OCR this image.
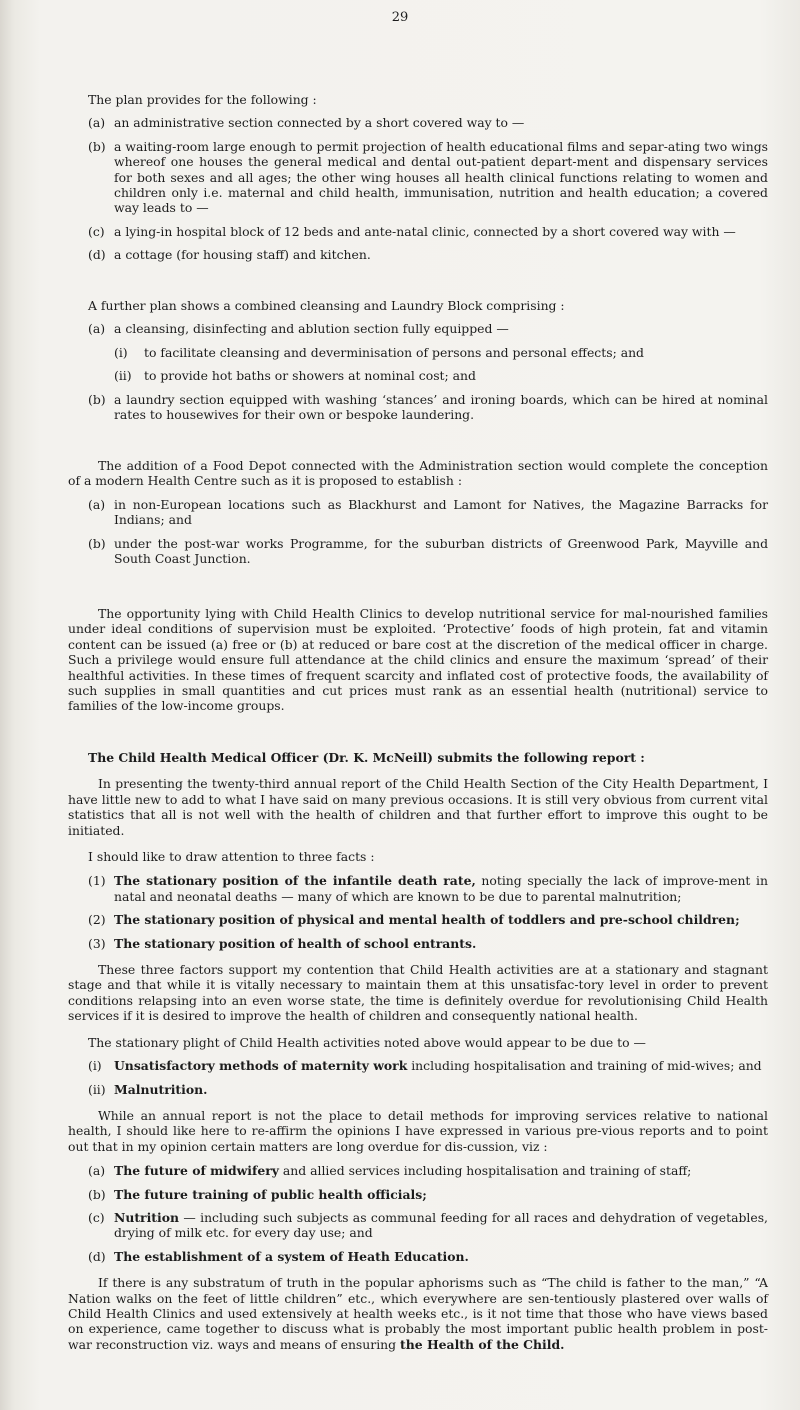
29

The plan provides for the following :

(a) an administrative section connected by a short covered way to —
(b) a waiting-room large enough to permit projection of health educational films and separ-ating two wings whereof one houses the general medical and dental out-patient depart-ment and dispensary services for both sexes and all ages; the other wing houses all health clinical functions relating to women and children only i.e. maternal and child health, immunisation, nutrition and health education; a covered way leads to —
(c) a lying-in hospital block of 12 beds and ante-natal clinic, connected by a short covered way with —
(d) a cottage (for housing staff) and kitchen.

A further plan shows a combined cleansing and Laundry Block comprising :

(a) a cleansing, disinfecting and ablution section fully equipped —
(i)	to facilitate cleansing and deverminisation of persons and personal effects; and
(ii)	to provide hot baths or showers at nominal cost; and
(b) a laundry section equipped with washing ‘stances’ and ironing boards, which can be hired at nominal rates to housewives for their own or bespoke laundering.

The addition of a Food Depot connected with the Administration section would complete the conception of a modern Health Centre such as it is proposed to establish :

(a) in non-European locations such as Blackhurst and Lamont for Natives, the Magazine Barracks for Indians; and
(b) under the post-war works Programme, for the suburban districts of Greenwood Park, Mayville and South Coast Junction.

The opportunity lying with Child Health Clinics to develop nutritional service for mal-nourished families under ideal conditions of supervision must be exploited. ‘Protective’ foods of high protein, fat and vitamin content can be issued (a) free or (b) at reduced or bare cost at the discretion of the medical officer in charge. Such a privilege would ensure full attendance at the child clinics and ensure the maximum ‘spread’ of their healthful activities. In these times of frequent scarcity and inflated cost of protective foods, the availability of such supplies in small quantities and cut prices must rank as an essential health (nutritional) service to families of the low-income groups.

The Child Health Medical Officer (Dr. K. McNeill) submits the following report :

In presenting the twenty-third annual report of the Child Health Section of the City Health Department, I have little new to add to what I have said on many previous occasions. It is still very obvious from current vital statistics that all is not well with the health of children and that further effort to improve this ought to be initiated.

I should like to draw attention to three facts :

(1) The stationary position of the infantile death rate, noting specially the lack of improve-ment in natal and neonatal deaths — many of which are known to be due to parental malnutrition;
(2) The stationary position of physical and mental health of toddlers and pre-school children;
(3) The stationary position of health of school entrants.

These three factors support my contention that Child Health activities are at a stationary and stagnant stage and that while it is vitally necessary to maintain them at this unsatisfac-tory level in order to prevent conditions relapsing into an even worse state, the time is definitely overdue for revolutionising Child Health services if it is desired to improve the health of children and consequently national health.

The stationary plight of Child Health activities noted above would appear to be due to —

(i) Unsatisfactory methods of maternity work including hospitalisation and training of mid-wives; and
(ii) Malnutrition.

While an annual report is not the place to detail methods for improving services relative to national health, I should like here to re-affirm the opinions I have expressed in various pre-vious reports and to point out that in my opinion certain matters are long overdue for dis-cussion, viz :

(a) The future of midwifery and allied services including hospitalisation and training of staff;
(b) The future training of public health officials;
(c) Nutrition — including such subjects as communal feeding for all races and dehydration of vegetables, drying of milk etc. for every day use; and
(d) The establishment of a system of Heath Education.

If there is any substratum of truth in the popular aphorisms such as “The child is father to the man,” “A Nation walks on the feet of little children” etc., which everywhere are sen-tentiously plastered over walls of Child Health Clinics and used extensively at health weeks etc., is it not time that those who have views based on experience, came together to discuss what is probably the most important public health problem in post-war reconstruction viz. ways and means of ensuring the Health of the Child.
